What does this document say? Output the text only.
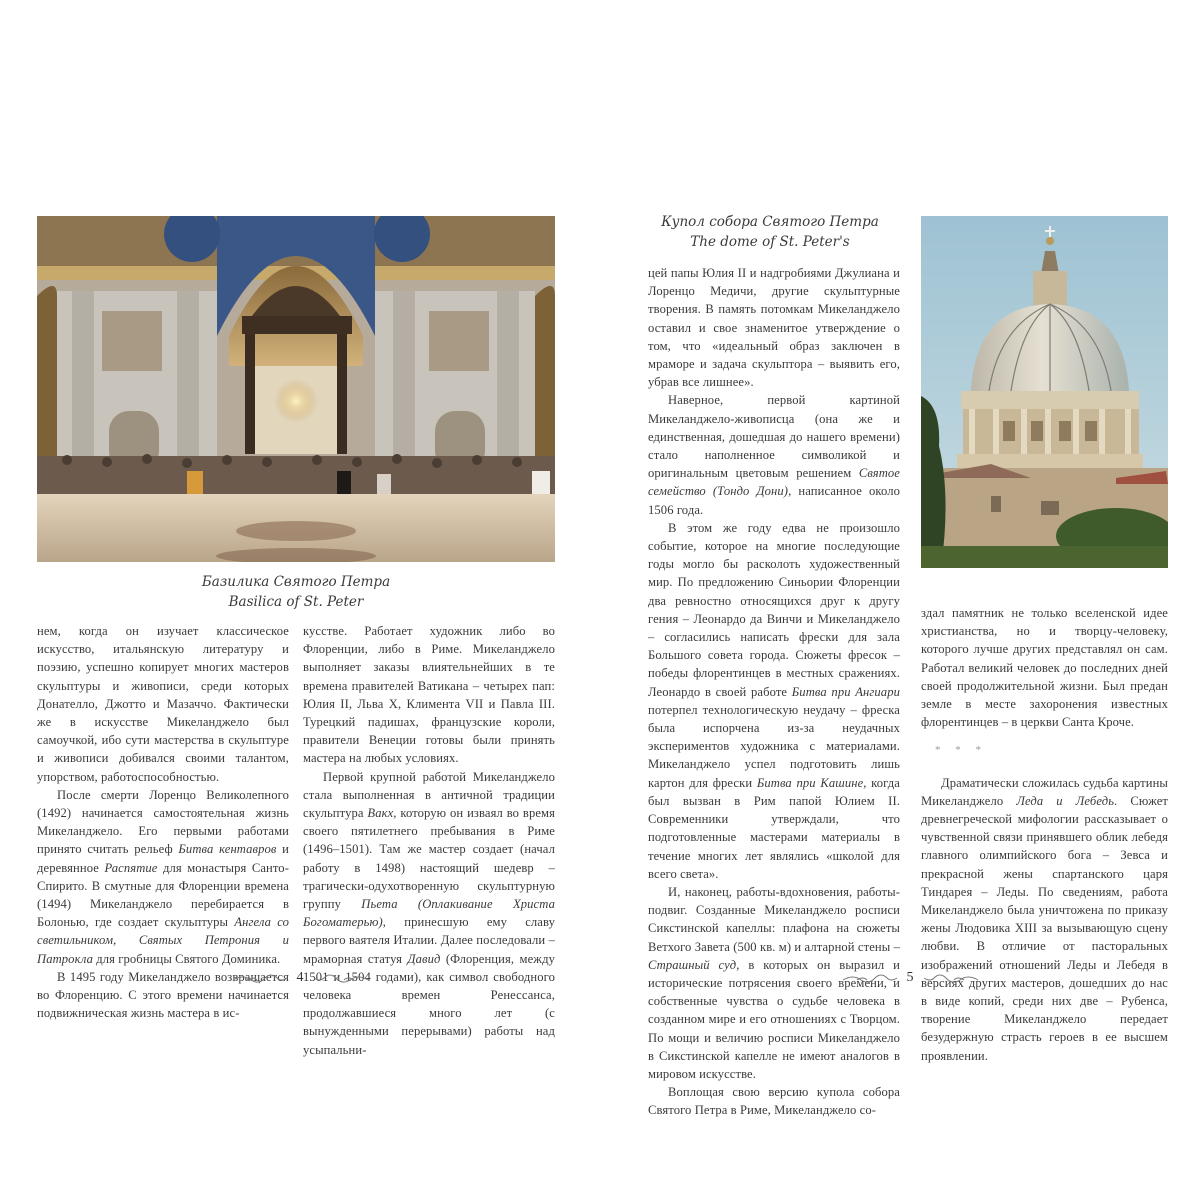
Базилика Святого Петра
Basilica of St. Peter

нем, когда он изучает классическое искусство, итальянскую литературу и поэзию, успешно копирует многих мастеров скульптуры и живописи, среди которых Донателло, Джотто и Мазаччо. Фактически же в искусстве Микеланджело был самоучкой, ибо сути мастерства в скульптуре и живописи добивался своими талантом, упорством, работоспособностью.

После смерти Лоренцо Великолепного (1492) начинается самостоятельная жизнь Микеланджело. Его первыми работами принято считать рельеф Битва кентавров и деревянное Распятие для монастыря Санто-Спирито. В смутные для Флоренции времена (1494) Микеланджело перебирается в Болонью, где создает скульптуры Ангела со светильником, Святых Петрония и Патрокла для гробницы Святого Доминика.

В 1495 году Микеланджело возвращается во Флоренцию. С этого времени начинается подвижническая жизнь мастера в ис-

кусстве. Работает художник либо во Флоренции, либо в Риме. Микеланджело выполняет заказы влиятельнейших в те времена правителей Ватикана – четырех пап: Юлия II, Льва X, Климента VII и Павла III. Турецкий падишах, французские короли, правители Венеции готовы были принять мастера на любых условиях.

Первой крупной работой Микеланджело стала выполненная в античной традиции скульптура Вакх, которую он изваял во время своего пятилетнего пребывания в Риме (1496–1501). Там же мастер создает (начал работу в 1498) настоящий шедевр – трагически-одухотворенную скульптурную группу Пьета (Оплакивание Христа Богоматерью), принесшую ему славу первого ваятеля Италии. Далее последовали – мраморная статуя Давид (Флоренция, между 1501 и 1504 годами), как символ свободного человека времен Ренессанса, продолжавшиеся много лет (с вынужденными перерывами) работы над усыпальни-

4
Купол собора Святого Петра
The dome of St. Peter's

цей папы Юлия II и надгробиями Джулиана и Лоренцо Медичи, другие скульптурные творения. В память потомкам Микеланджело оставил и свое знаменитое утверждение о том, что «идеальный образ заключен в мраморе и задача скульптора – выявить его, убрав все лишнее».

Наверное, первой картиной Микеланджело-живописца (она же и единственная, дошедшая до нашего времени) стало наполненное символикой и оригинальным цветовым решением Святое семейство (Тондо Дони), написанное около 1506 года.

В этом же году едва не произошло событие, которое на многие последующие годы могло бы расколоть художественный мир. По предложению Синьории Флоренции два ревностно относящихся друг к другу гения – Леонардо да Винчи и Микеланджело – согласились написать фрески для зала Большого совета города. Сюжеты фресок – победы флорентинцев в местных сражениях. Леонардо в своей работе Битва при Ангиари потерпел технологическую неудачу – фреска была испорчена из-за неудачных экспериментов художника с материалами. Микеланджело успел подготовить лишь картон для фрески Битва при Кашине, когда был вызван в Рим папой Юлием II. Современники утверждали, что подготовленные мастерами материалы в течение многих лет являлись «школой для всего света».

И, наконец, работы-вдохновения, работы-подвиг. Созданные Микеланджело росписи Сикстинской капеллы: плафона на сюжеты Ветхого Завета (500 кв. м) и алтарной стены – Страшный суд, в которых он выразил и исторические потрясения своего времени, и собственные чувства о судьбе человека в созданном мире и его отношениях с Творцом. По мощи и величию росписи Микеланджело в Сикстинской капелле не имеют аналогов в мировом искусстве.

Воплощая свою версию купола собора Святого Петра в Риме, Микеланджело со-

здал памятник не только вселенской идее христианства, но и творцу-человеку, которого лучше других представлял он сам. Работал великий человек до последних дней своей продолжительной жизни. Был предан земле в месте захоронения известных флорентинцев – в церкви Санта Кроче.

* * *

Драматически сложилась судьба картины Микеланджело Леда и Лебедь. Сюжет древнегреческой мифологии рассказывает о чувственной связи принявшего облик лебедя главного олимпийского бога – Зевса и прекрасной жены спартанского царя Тиндарея – Леды. По сведениям, работа Микеланджело была уничтожена по приказу жены Людовика XIII за вызывающую сцену любви. В отличие от пасторальных изображений отношений Леды и Лебедя в версиях других мастеров, дошедших до нас в виде копий, среди них две – Рубенса, творение Микеланджело передает безудержную страсть героев в ее высшем проявлении.

5
